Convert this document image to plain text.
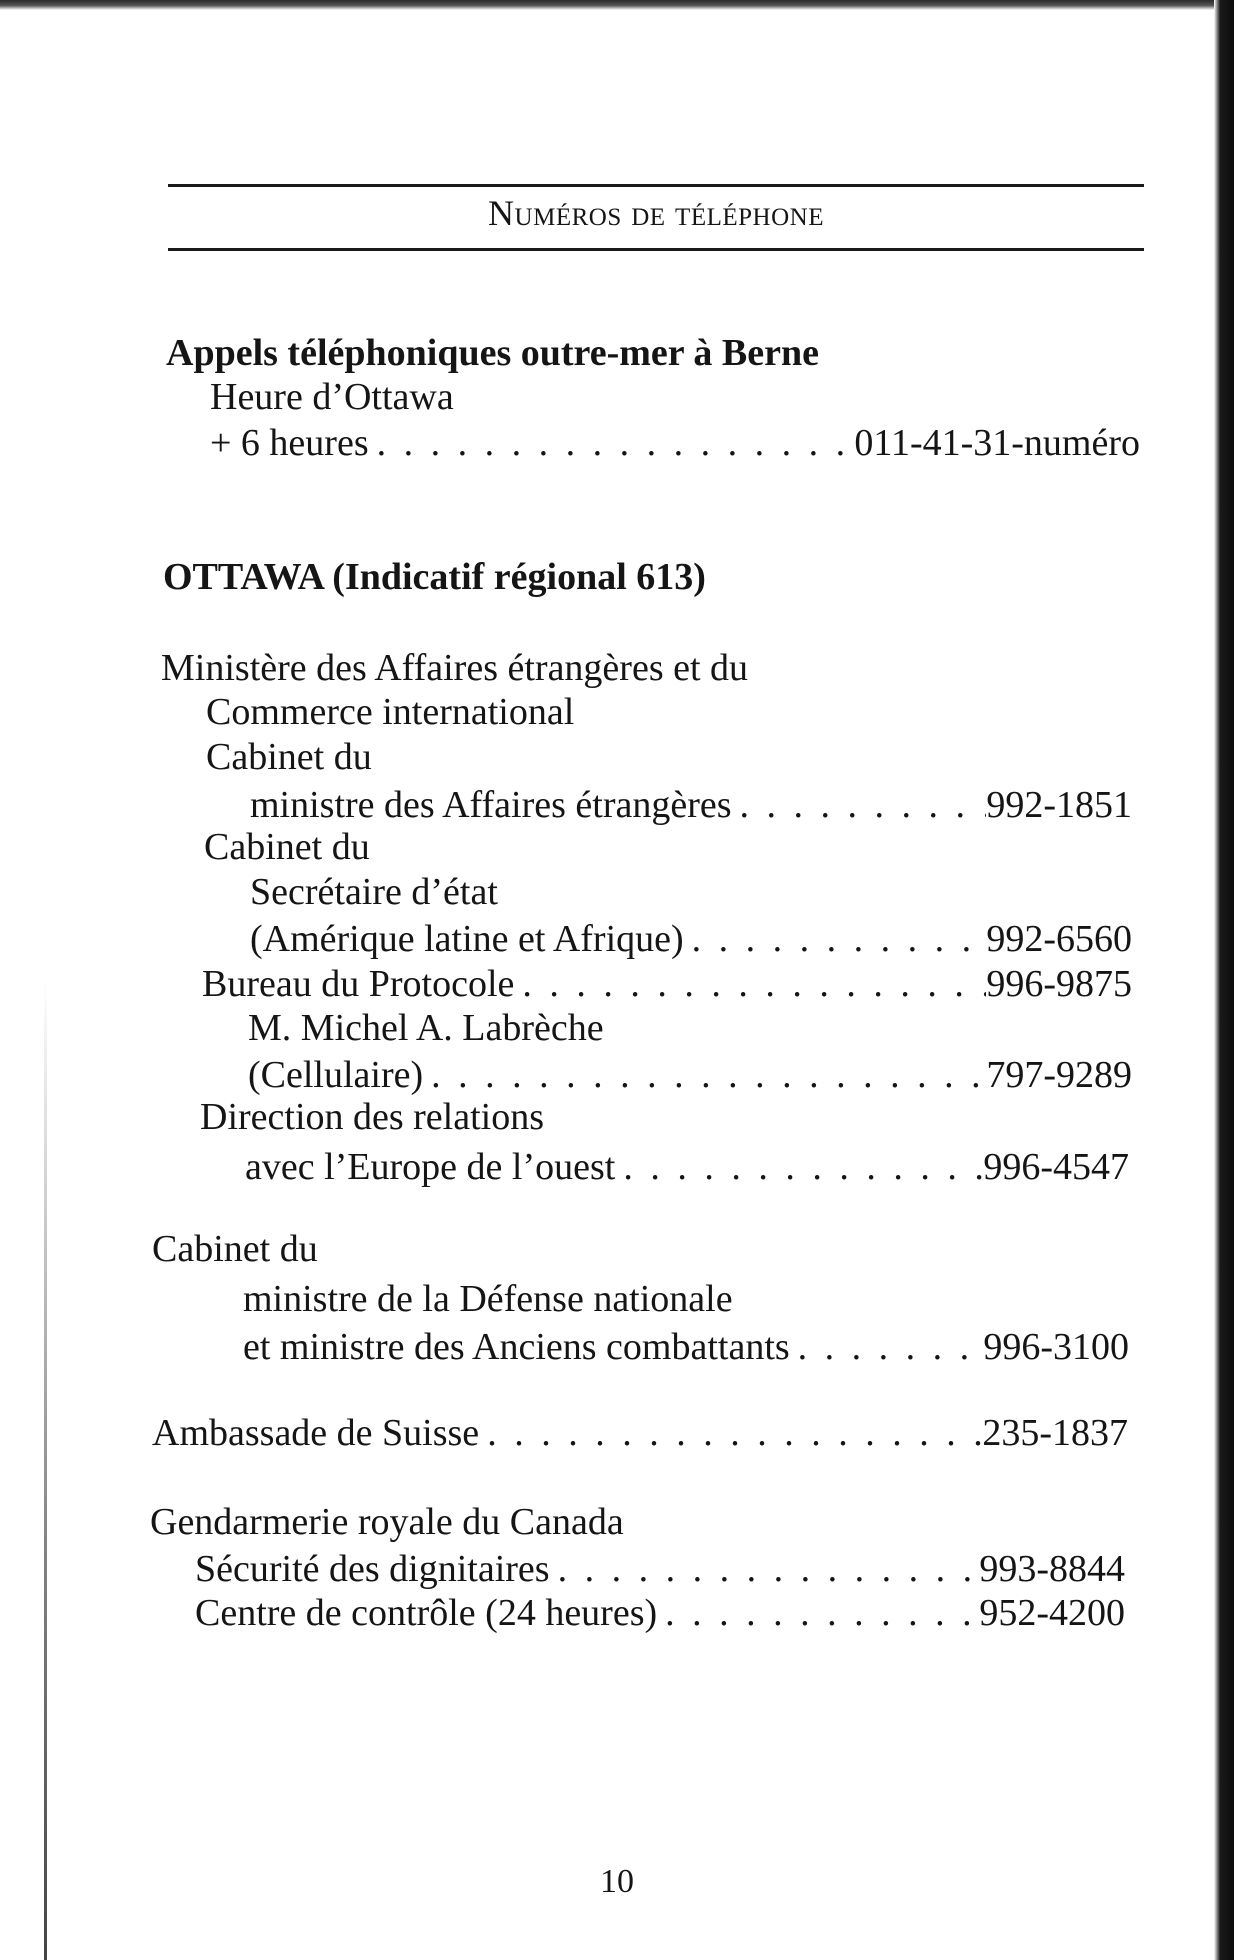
Numéros de téléphone
Appels téléphoniques outre-mer à Berne
Heure d’Ottawa
+ 6 heures . . .	011-41-31-numéro
OTTAWA (Indicatif régional 613)
Ministère des Affaires étrangères et du
Commerce international
Cabinet du
ministre des Affaires étrangères . . .	992-1851
Cabinet du
Secrétaire d’état
(Amérique latine et Afrique) . . .	992-6560
Bureau du Protocole . . .	996-9875
M. Michel A. Labrèche
(Cellulaire) . . .	797-9289
Direction des relations
avec l’Europe de l’ouest . . .	996-4547
Cabinet du
ministre de la Défense nationale
et ministre des Anciens combattants . . .	996-3100
Ambassade de Suisse . . .	235-1837
Gendarmerie royale du Canada
Sécurité des dignitaires . . .	993-8844
Centre de contrôle (24 heures) . . .	952-4200
10
